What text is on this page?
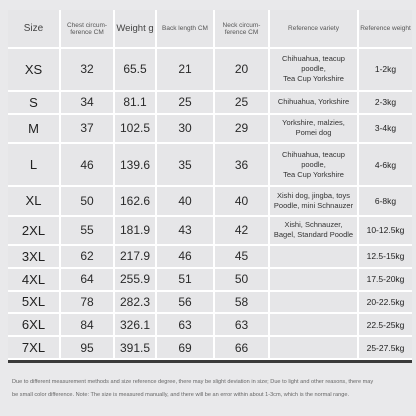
Size	Chest circum-
ference CM	Weight g	Back length CM	Neck circum-
ference CM	Reference variety	Reference weight
XS	32	65.5	21	20	Chihuahua, teacup poodle,
Tea Cup Yorkshire	1-2kg
S	34	81.1	25	25	Chihuahua, Yorkshire	2-3kg
M	37	102.5	30	29	Yorkshire, malzies,
Pomei dog	3-4kg
L	46	139.6	35	36	Chihuahua, teacup poodle,
Tea Cup Yorkshire	4-6kg
XL	50	162.6	40	40	Xishi dog, jingba, toys
Poodle, mini Schnauzer	6-8kg
2XL	55	181.9	43	42	Xishi, Schnauzer,
Bagel, Standard Poodle	10-12.5kg
3XL	62	217.9	46	45		12.5-15kg
4XL	64	255.9	51	50		17.5-20kg
5XL	78	282.3	56	58		20-22.5kg
6XL	84	326.1	63	63		22.5-25kg
7XL	95	391.5	69	66		25-27.5kg

Due to different measurement methods and size reference degree, there may be slight deviation in size; Due to light and other reasons, there may

be small color difference. Note: The size is measured manually, and there will be an error within about 1-3cm, which is the normal range.
